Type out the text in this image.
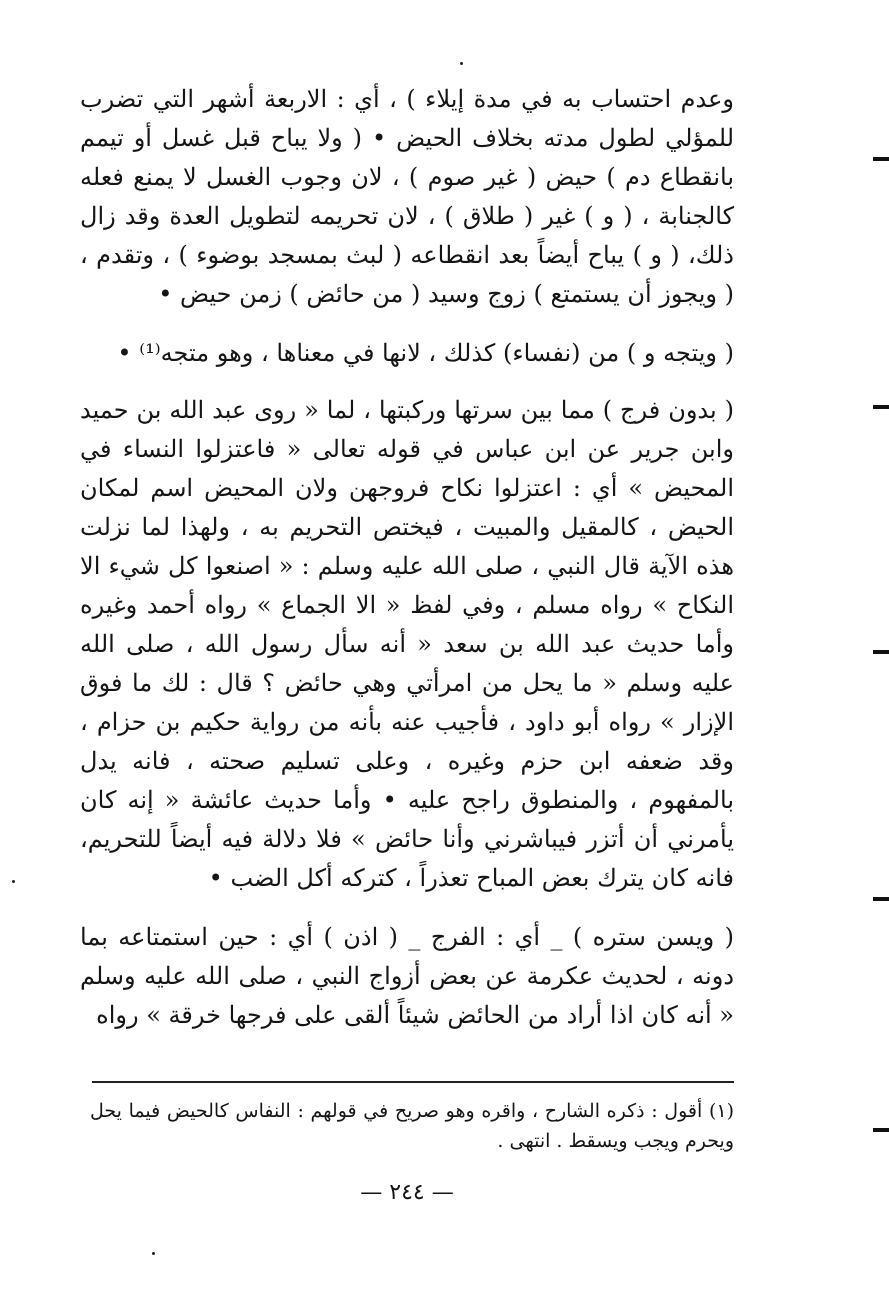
وعدم احتساب به في مدة إيلاء ) ، أي : الاربعة أشهر التي تضرب للمؤلي لطول مدته بخلاف الحيض • ( ولا يباح قبل غسل أو تيمم بانقطاع دم ) حيض ( غير صوم ) ، لان وجوب الغسل لا يمنع فعله كالجنابة ، ( و ) غير ( طلاق ) ، لان تحريمه لتطويل العدة وقد زال ذلك، ( و ) يباح أيضاً بعد انقطاعه ( لبث بمسجد بوضوء ) ، وتقدم ، ( ويجوز أن يستمتع ) زوج وسيد ( من حائض ) زمن حيض •

( ويتجه و ) من (نفساء) كذلك ، لانها في معناها ، وهو متجه⁽¹⁾ •

( بدون فرج ) مما بين سرتها وركبتها ، لما « روى عبد الله بن حميد وابن جرير عن ابن عباس في قوله تعالى « فاعتزلوا النساء في المحيض » أي : اعتزلوا نكاح فروجهن ولان المحيض اسم لمكان الحيض ، كالمقيل والمبيت ، فيختص التحريم به ، ولهذا لما نزلت هذه الآية قال النبي ، صلى الله عليه وسلم : « اصنعوا كل شيء الا النكاح » رواه مسلم ، وفي لفظ « الا الجماع » رواه أحمد وغيره وأما حديث عبد الله بن سعد « أنه سأل رسول الله ، صلى الله عليه وسلم « ما يحل من امرأتي وهي حائض ؟ قال : لك ما فوق الإزار » رواه أبو داود ، فأجيب عنه بأنه من رواية حكيم بن حزام ، وقد ضعفه ابن حزم وغيره ، وعلى تسليم صحته ، فانه يدل بالمفهوم ، والمنطوق راجح عليه • وأما حديث عائشة « إنه كان يأمرني أن أتزر فيباشرني وأنا حائض » فلا دلالة فيه أيضاً للتحريم، فانه كان يترك بعض المباح تعذراً ، كتركه أكل الضب •

( ويسن ستره ) _ أي : الفرج _ ( اذن ) أي : حين استمتاعه بما دونه ، لحديث عكرمة عن بعض أزواج النبي ، صلى الله عليه وسلم « أنه كان اذا أراد من الحائض شيئاً ألقى على فرجها خرقة » رواه

(١) أقول : ذكره الشارح ، واقره وهو صريح في قولهم : النفاس كالحيض فيما يحل ويحرم ويجب ويسقط . انتهى .
— ٢٤٤ —
